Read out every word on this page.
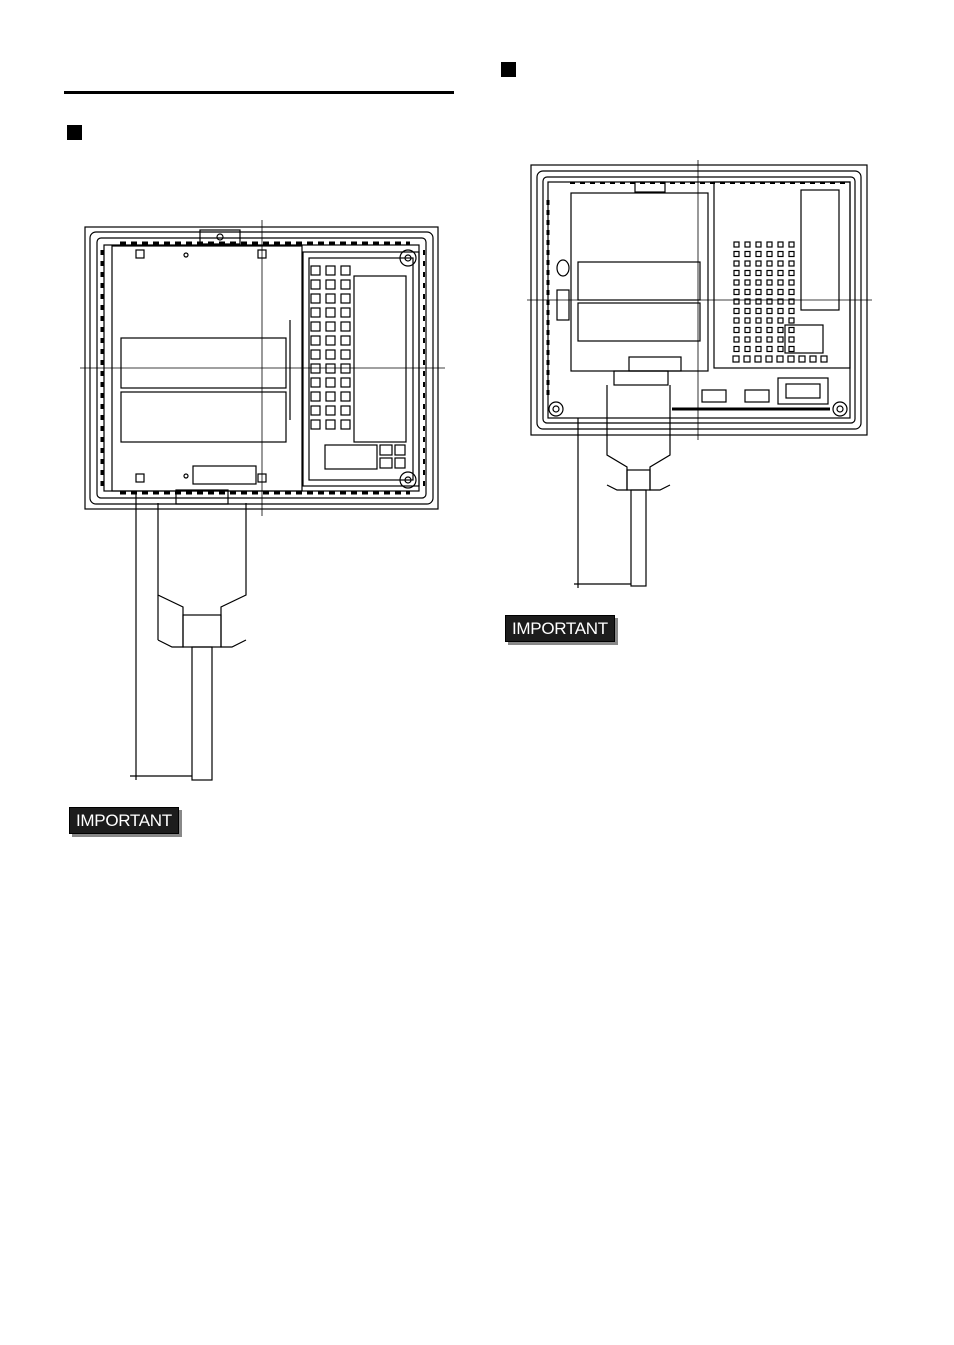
IMPORTANT
IMPORTANT
